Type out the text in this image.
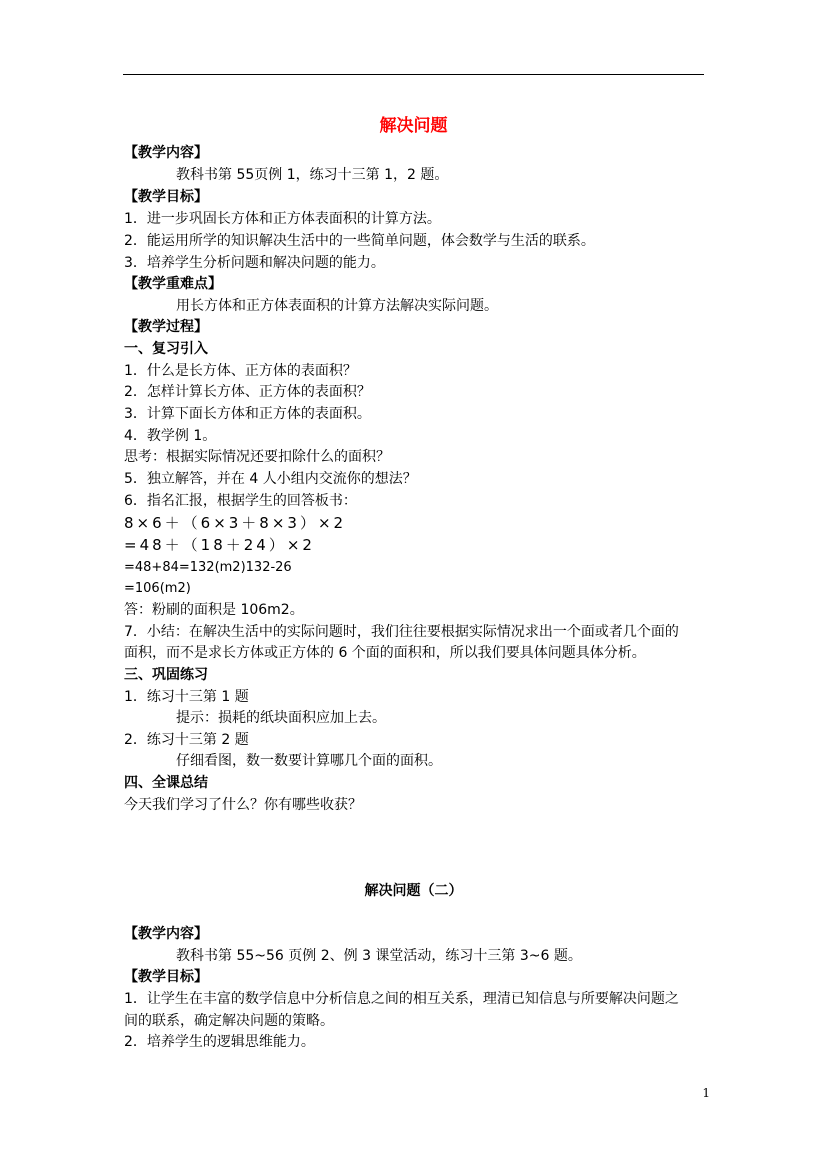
解决问题
【教学内容】
教科书第 55页例 1，练习十三第 1，2 题。
【教学目标】
1．进一步巩固长方体和正方体表面积的计算方法。
2．能运用所学的知识解决生活中的一些简单问题，体会数学与生活的联系。
3．培养学生分析问题和解决问题的能力。
【教学重难点】
用长方体和正方体表面积的计算方法解决实际问题。
【教学过程】
一、复习引入
1．什么是长方体、正方体的表面积？
2．怎样计算长方体、正方体的表面积？
3．计算下面长方体和正方体的表面积。
4．教学例 1。
思考：根据实际情况还要扣除什么的面积？
5．独立解答，并在 4 人小组内交流你的想法？
6．指名汇报，根据学生的回答板书：
8×6＋（6×3＋8×3）×2
=48＋（18＋24）×2
=48+84=132(m2)132-26
=106(m2)
答：粉刷的面积是 106m2。
7．小结：在解决生活中的实际问题时，我们往往要根据实际情况求出一个面或者几个面的
面积，而不是求长方体或正方体的 6 个面的面积和，所以我们要具体问题具体分析。
三、巩固练习
1．练习十三第 1 题
提示：损耗的纸块面积应加上去。
2．练习十三第 2 题
仔细看图，数一数要计算哪几个面的面积。
四、全课总结
今天我们学习了什么？你有哪些收获？
解决问题（二）
【教学内容】
教科书第 55~56 页例 2、例 3 课堂活动，练习十三第 3~6 题。
【教学目标】
1．让学生在丰富的数学信息中分析信息之间的相互关系，理清已知信息与所要解决问题之
间的联系，确定解决问题的策略。
2．培养学生的逻辑思维能力。
1
